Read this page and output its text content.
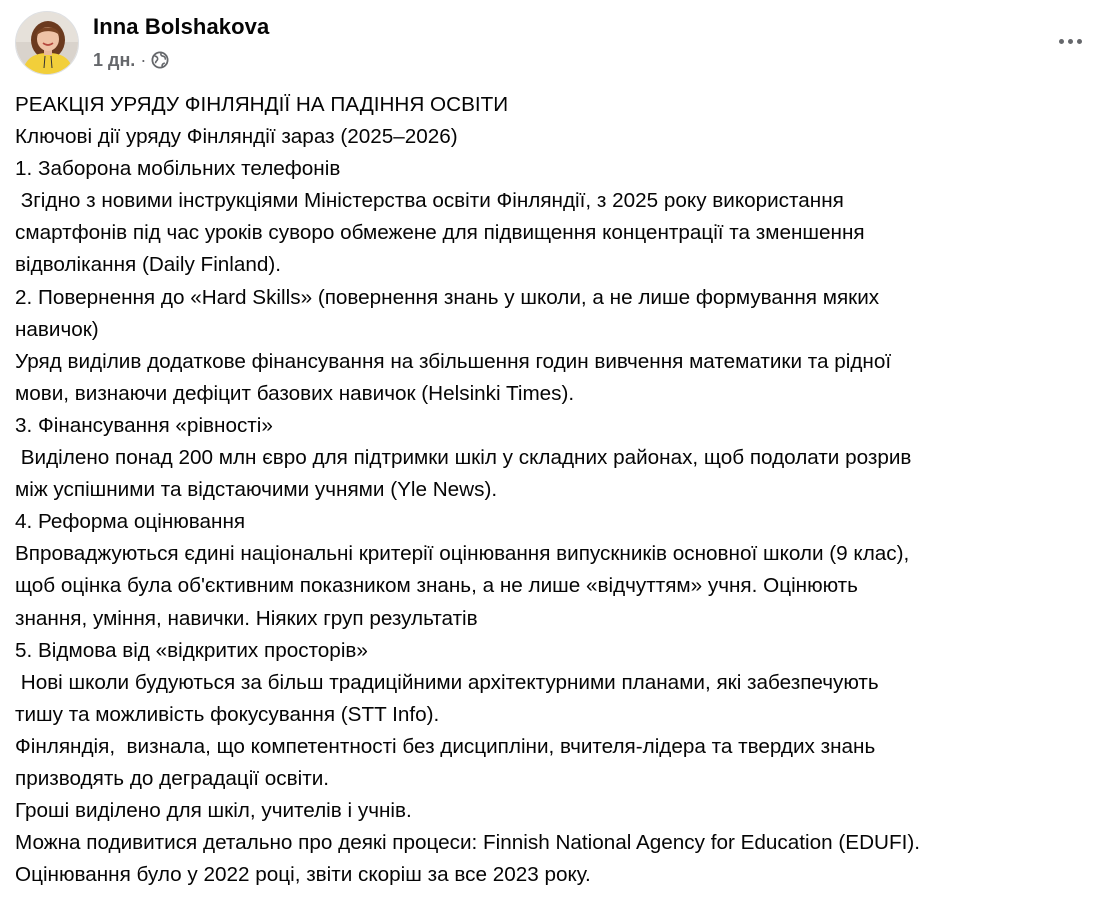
Inna Bolshakova
1 дн. ·
РЕАКЦІЯ УРЯДУ ФІНЛЯНДІЇ НА ПАДІННЯ ОСВІТИ
Ключові дії уряду Фінляндії зараз (2025–2026)
1. Заборона мобільних телефонів
Згідно з новими інструкціями Міністерства освіти Фінляндії, з 2025 року використання
смартфонів під час уроків суворо обмежене для підвищення концентрації та зменшення
відволікання (Daily Finland).
2. Повернення до «Hard Skills» (повернення знань у школи, а не лише формування мяких
навичок)
Уряд виділив додаткове фінансування на збільшення годин вивчення математики та рідної
мови, визнаючи дефіцит базових навичок (Helsinki Times).
3. Фінансування «рівності»
Виділено понад 200 млн євро для підтримки шкіл у складних районах, щоб подолати розрив
між успішними та відстаючими учнями (Yle News).
4. Реформа оцінювання
Впроваджуються єдині національні критерії оцінювання випускників основної школи (9 клас),
щоб оцінка була об'єктивним показником знань, а не лише «відчуттям» учня. Оцінюють
знання, уміння, навички. Ніяких груп результатів
5. Відмова від «відкритих просторів»
Нові школи будуються за більш традиційними архітектурними планами, які забезпечують
тишу та можливість фокусування (STT Info).
Фінляндія,  визнала, що компетентності без дисципліни, вчителя-лідера та твердих знань
призводять до деградації освіти.
Гроші виділено для шкіл, учителів і учнів.
Можна подивитися детально про деякі процеси: Finnish National Agency for Education (EDUFI).
Оцінювання було у 2022 році, звіти скоріш за все 2023 року.
